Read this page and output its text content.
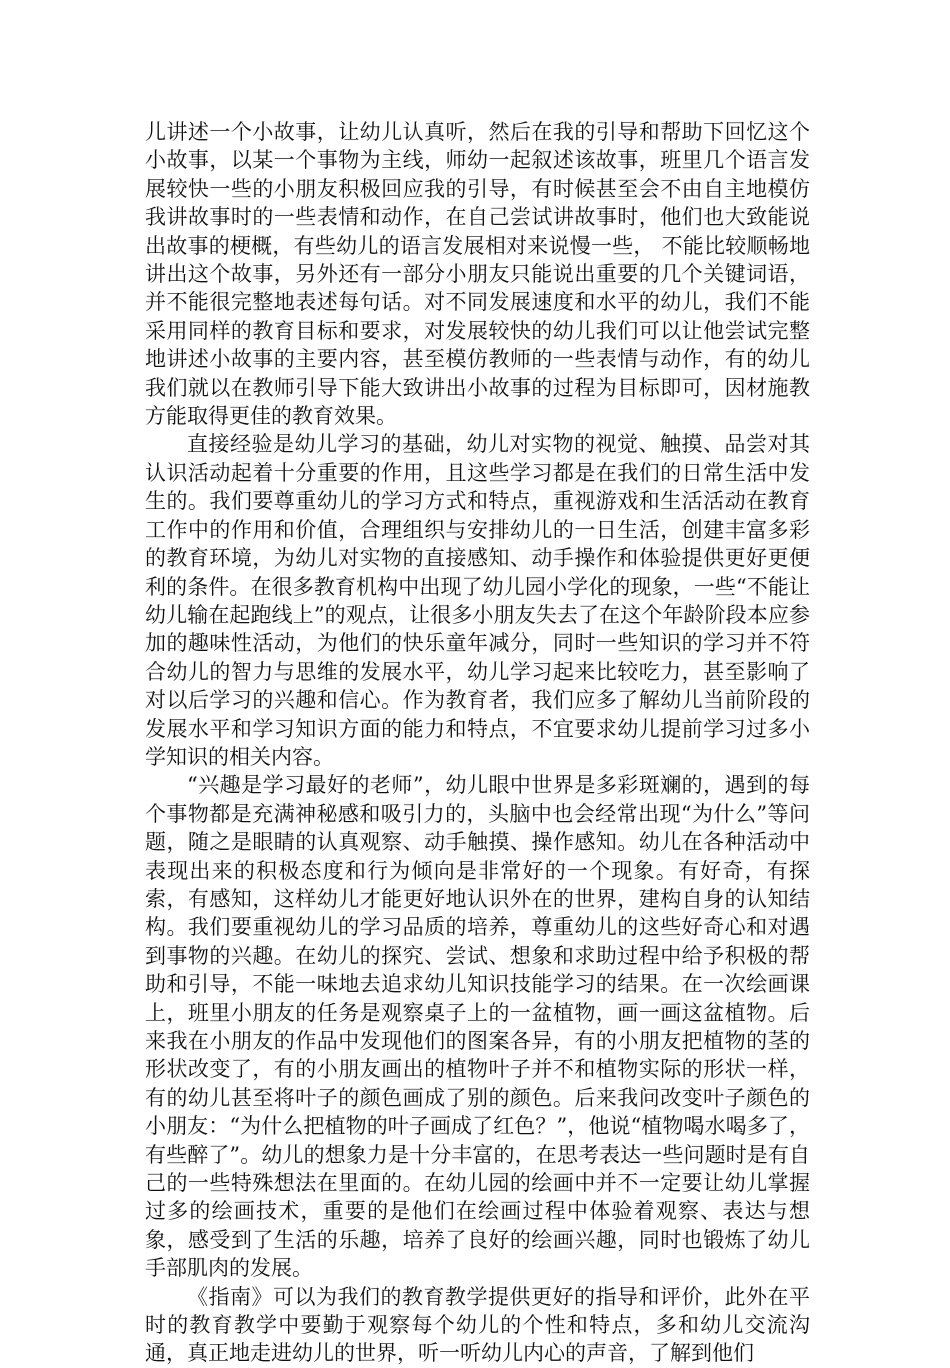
儿讲述一个小故事，让幼儿认真听，然后在我的引导和帮助下回忆这个小故事，以某一个事物为主线，师幼一起叙述该故事，班里几个语言发展较快一些的小朋友积极回应我的引导，有时候甚至会不由自主地模仿我讲故事时的一些表情和动作，在自己尝试讲故事时，他们也大致能说出故事的梗概，有些幼儿的语言发展相对来说慢一些， 不能比较顺畅地讲出这个故事，另外还有一部分小朋友只能说出重要的几个关键词语，并不能很完整地表述每句话。对不同发展速度和水平的幼儿，我们不能采用同样的教育目标和要求，对发展较快的幼儿我们可以让他尝试完整地讲述小故事的主要内容，甚至模仿教师的一些表情与动作，有的幼儿我们就以在教师引导下能大致讲出小故事的过程为目标即可，因材施教方能取得更佳的教育效果。

直接经验是幼儿学习的基础，幼儿对实物的视觉、触摸、品尝对其认识活动起着十分重要的作用，且这些学习都是在我们的日常生活中发生的。我们要尊重幼儿的学习方式和特点，重视游戏和生活活动在教育工作中的作用和价值，合理组织与安排幼儿的一日生活，创建丰富多彩的教育环境，为幼儿对实物的直接感知、动手操作和体验提供更好更便利的条件。在很多教育机构中出现了幼儿园小学化的现象，一些“不能让幼儿输在起跑线上”的观点，让很多小朋友失去了在这个年龄阶段本应参加的趣味性活动，为他们的快乐童年减分，同时一些知识的学习并不符合幼儿的智力与思维的发展水平，幼儿学习起来比较吃力，甚至影响了对以后学习的兴趣和信心。作为教育者，我们应多了解幼儿当前阶段的发展水平和学习知识方面的能力和特点，不宜要求幼儿提前学习过多小学知识的相关内容。

“兴趣是学习最好的老师”，幼儿眼中世界是多彩斑斓的，遇到的每个事物都是充满神秘感和吸引力的，头脑中也会经常出现“为什么”等问题，随之是眼睛的认真观察、动手触摸、操作感知。幼儿在各种活动中表现出来的积极态度和行为倾向是非常好的一个现象。有好奇，有探索，有感知，这样幼儿才能更好地认识外在的世界，建构自身的认知结构。我们要重视幼儿的学习品质的培养，尊重幼儿的这些好奇心和对遇到事物的兴趣。在幼儿的探究、尝试、想象和求助过程中给予积极的帮助和引导，不能一味地去追求幼儿知识技能学习的结果。在一次绘画课上，班里小朋友的任务是观察桌子上的一盆植物，画一画这盆植物。后来我在小朋友的作品中发现他们的图案各异，有的小朋友把植物的茎的形状改变了，有的小朋友画出的植物叶子并不和植物实际的形状一样，有的幼儿甚至将叶子的颜色画成了别的颜色。后来我问改变叶子颜色的小朋友：“为什么把植物的叶子画成了红色？”，他说“植物喝水喝多了，有些醉了”。幼儿的想象力是十分丰富的，在思考表达一些问题时是有自己的一些特殊想法在里面的。在幼儿园的绘画中并不一定要让幼儿掌握过多的绘画技术，重要的是他们在绘画过程中体验着观察、表达与想象，感受到了生活的乐趣，培养了良好的绘画兴趣，同时也锻炼了幼儿手部肌肉的发展。

《指南》可以为我们的教育教学提供更好的指导和评价，此外在平时的教育教学中要勤于观察每个幼儿的个性和特点，多和幼儿交流沟通，真正地走进幼儿的世界，听一听幼儿内心的声音，了解到他们
